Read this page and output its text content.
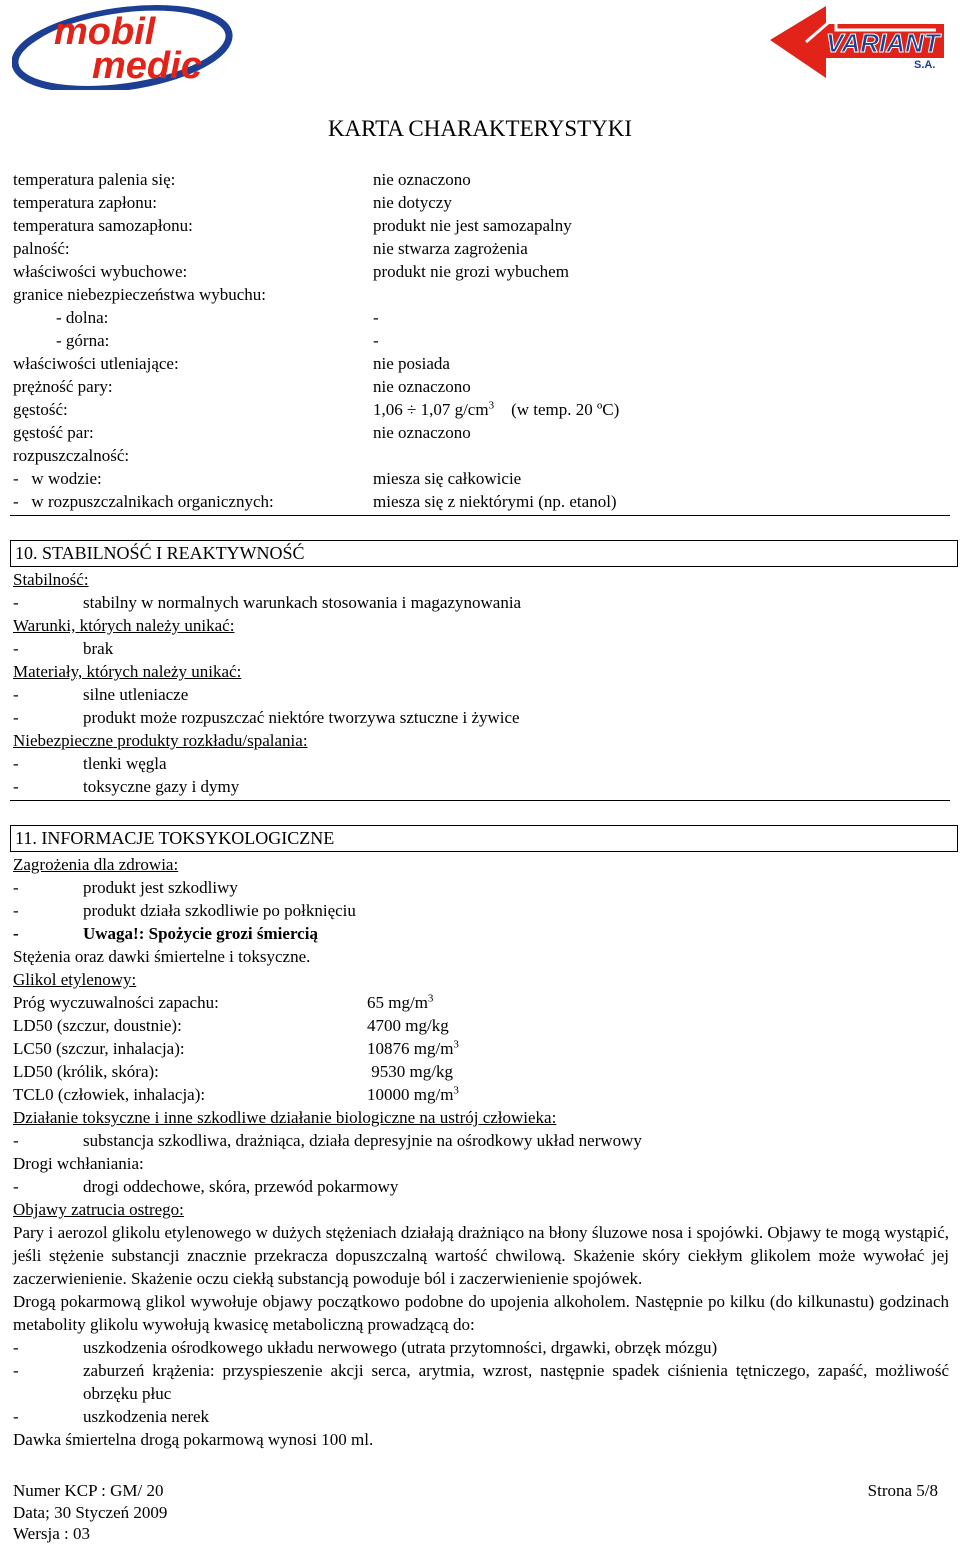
mobil
medic
VARIANT
S.A.
KARTA CHARAKTERYSTYKI
temperatura palenia się:	nie oznaczono
temperatura zapłonu:	nie dotyczy
temperatura samozapłonu:	produkt nie jest samozapalny
palność:	nie stwarza zagrożenia
właściwości wybuchowe:	produkt nie grozi wybuchem
granice niebezpieczeństwa wybuchu:
- dolna:	-
- górna:	-
właściwości utleniające:	nie posiada
prężność pary:	nie oznaczono
gęstość:	1,06 ÷ 1,07 $g/cm^3$ (w temp. 20 ºC)
gęstość par:	nie oznaczono
rozpuszczalność:
-   w wodzie:	miesza się całkowicie
-   w rozpuszczalnikach organicznych:	miesza się z niektórymi (np. etanol)
10. STABILNOŚĆ I REAKTYWNOŚĆ
Stabilność:
- stabilny w normalnych warunkach stosowania i magazynowania
Warunki, których należy unikać:
- brak
Materiały, których należy unikać:
- silne utleniacze
- produkt może rozpuszczać niektóre tworzywa sztuczne i żywice
Niebezpieczne produkty rozkładu/spalania:
- tlenki węgla
- toksyczne gazy i dymy
11. INFORMACJE TOKSYKOLOGICZNE
Zagrożenia dla zdrowia:
- produkt jest szkodliwy
- produkt działa szkodliwie po połknięciu
- Uwaga!: Spożycie grozi śmiercią
Stężenia oraz dawki śmiertelne i toksyczne.
Glikol etylenowy:
Próg wyczuwalności zapachu:	65 $mg/m^3$
LD50 (szczur, doustnie):	4700 mg/kg
LC50 (szczur, inhalacja):	10876 $mg/m^3$
LD50 (królik, skóra):	9530 mg/kg
TCL0 (człowiek, inhalacja):	10000 $mg/m^3$
Działanie toksyczne i inne szkodliwe działanie biologiczne na ustrój człowieka:
- substancja szkodliwa, drażniąca, działa depresyjnie na ośrodkowy układ nerwowy
Drogi wchłaniania:
- drogi oddechowe, skóra, przewód pokarmowy
Objawy zatrucia ostrego:
Pary i aerozol glikolu etylenowego w dużych stężeniach działają drażniąco na błony śluzowe nosa i spojówki. Objawy te mogą wystąpić, jeśli stężenie substancji znacznie przekracza dopuszczalną wartość chwilową. Skażenie skóry ciekłym glikolem może wywołać jej zaczerwienienie. Skażenie oczu ciekłą substancją powoduje ból i zaczerwienienie spojówek.
Drogą pokarmową glikol wywołuje objawy początkowo podobne do upojenia alkoholem. Następnie po kilku (do kilkunastu) godzinach metabolity glikolu wywołują kwasicę metaboliczną prowadzącą do:
- uszkodzenia ośrodkowego układu nerwowego (utrata przytomności, drgawki, obrzęk mózgu)
- zaburzeń krążenia: przyspieszenie akcji serca, arytmia, wzrost, następnie spadek ciśnienia tętniczego, zapaść, możliwość obrzęku płuc
- uszkodzenia nerek
Dawka śmiertelna drogą pokarmową wynosi 100 ml.
Numer KCP : GM/ 20
Data; 30 Styczeń 2009
Wersja : 03
Strona 5/8
